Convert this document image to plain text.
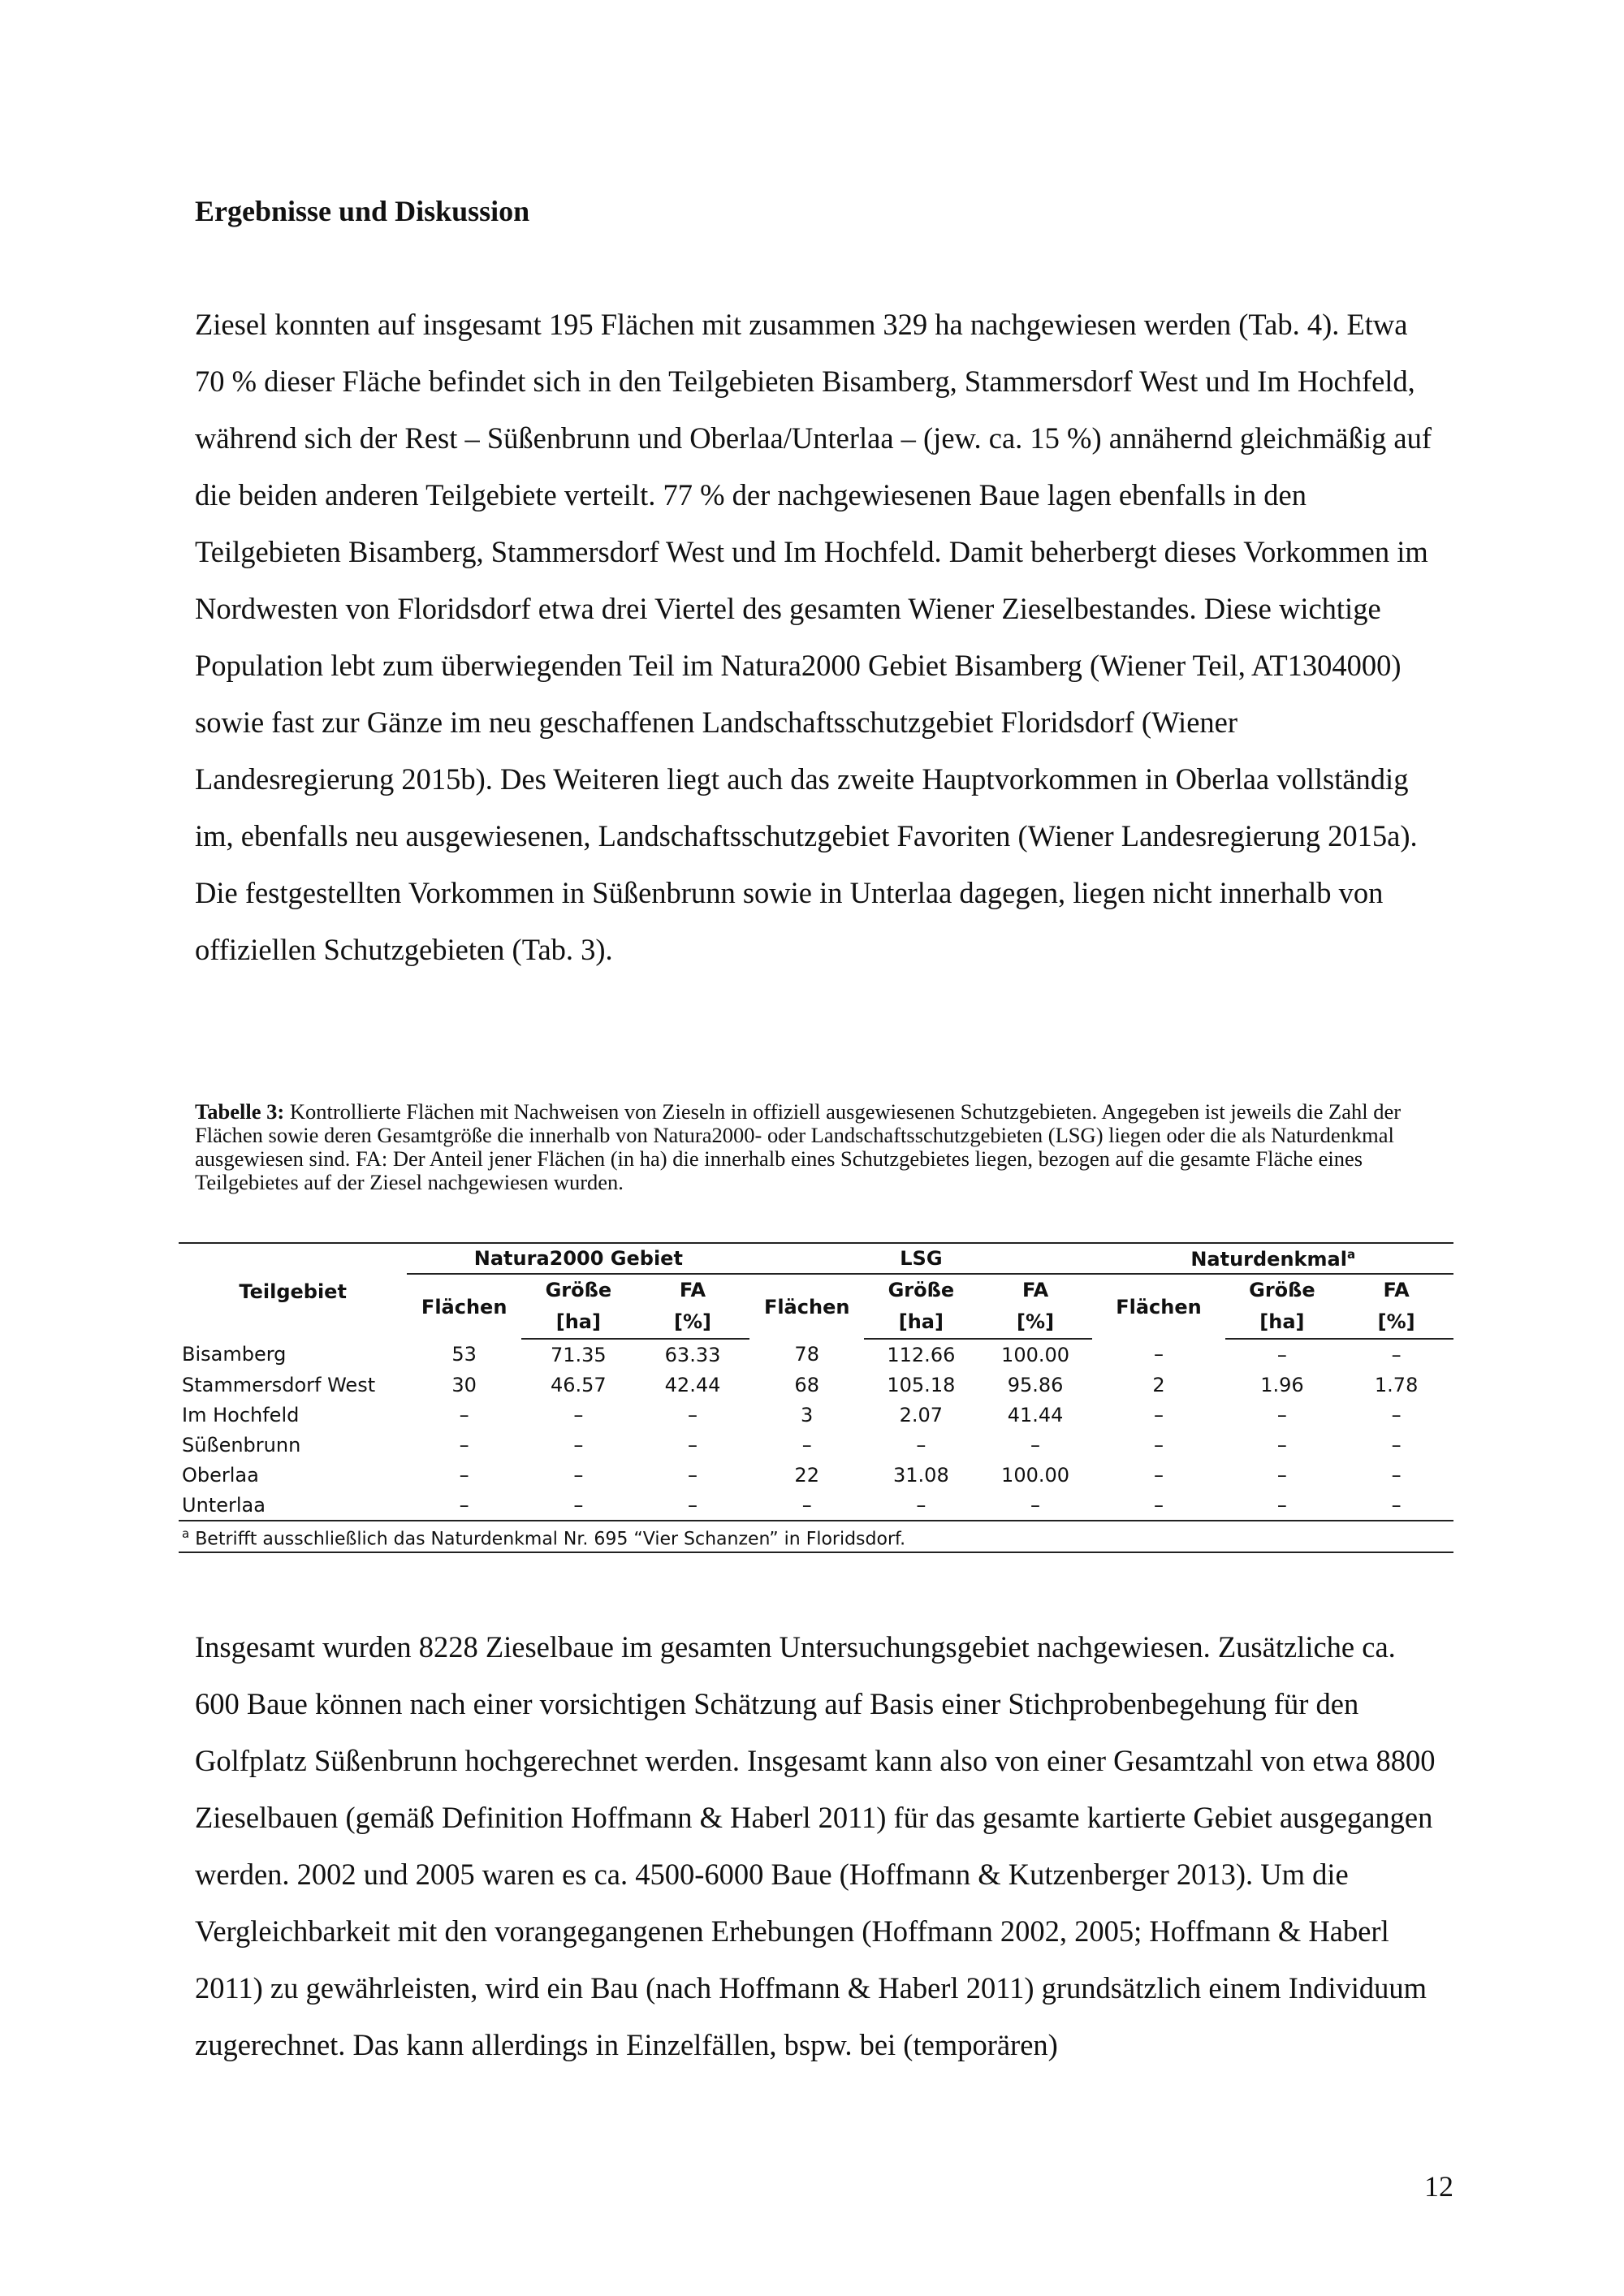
Ergebnisse und Diskussion

Ziesel konnten auf insgesamt 195 Flächen mit zusammen 329 ha nachgewiesen werden (Tab. 4). Etwa 70 % dieser Fläche befindet sich in den Teilgebieten Bisamberg, Stammersdorf West und Im Hochfeld, während sich der Rest – Süßenbrunn und Oberlaa/Unterlaa – (jew. ca. 15 %) annähernd gleichmäßig auf die beiden anderen Teilgebiete verteilt. 77 % der nachgewiesenen Baue lagen ebenfalls in den Teilgebieten Bisamberg, Stammersdorf West und Im Hochfeld. Damit beherbergt dieses Vorkommen im Nordwesten von Floridsdorf etwa drei Viertel des gesamten Wiener Zieselbestandes. Diese wichtige Population lebt zum überwiegenden Teil im Natura2000 Gebiet Bisamberg (Wiener Teil, AT1304000) sowie fast zur Gänze im neu geschaffenen Landschaftsschutzgebiet Floridsdorf (Wiener Landesregierung 2015b). Des Weiteren liegt auch das zweite Hauptvorkommen in Oberlaa vollständig im, ebenfalls neu ausgewiesenen, Landschaftsschutzgebiet Favoriten (Wiener Landesregierung 2015a). Die festgestellten Vorkommen in Süßenbrunn sowie in Unterlaa dagegen, liegen nicht innerhalb von offiziellen Schutzgebieten (Tab. 3).

Tabelle 3: Kontrollierte Flächen mit Nachweisen von Zieseln in offiziell ausgewiesenen Schutzgebieten. Angegeben ist jeweils die Zahl der Flächen sowie deren Gesamtgröße die innerhalb von Natura2000- oder Landschaftsschutzgebieten (LSG) liegen oder die als Naturdenkmal ausgewiesen sind. FA: Der Anteil jener Flächen (in ha) die innerhalb eines Schutzgebietes liegen, bezogen auf die gesamte Fläche eines Teilgebietes auf der Ziesel nachgewiesen wurden.

Teilgebiet	Natura2000 Gebiet			LSG			Naturdenkmal$^a$
	Flächen	Größe	FA	Flächen	Größe	FA	Flächen	Größe	FA
		[ha]	[%]		[ha]	[%]		[ha]	[%]
Bisamberg	53	71.35	63.33	78	112.66	100.00	–	–	–
Stammersdorf West	30	46.57	42.44	68	105.18	95.86	2	1.96	1.78
Im Hochfeld	–	–	–	3	2.07	41.44	–	–	–
Süßenbrunn	–	–	–	–	–	–	–	–	–
Oberlaa	–	–	–	22	31.08	100.00	–	–	–
Unterlaa	–	–	–	–	–	–	–	–	–
$^a$ Betrifft ausschließlich das Naturdenkmal Nr. 695 “Vier Schanzen” in Floridsdorf.									

Insgesamt wurden 8228 Zieselbaue im gesamten Untersuchungsgebiet nachgewiesen. Zusätzliche ca. 600 Baue können nach einer vorsichtigen Schätzung auf Basis einer Stichprobenbegehung für den Golfplatz Süßenbrunn hochgerechnet werden. Insgesamt kann also von einer Gesamtzahl von etwa 8800 Zieselbauen (gemäß Definition Hoffmann & Haberl 2011) für das gesamte kartierte Gebiet ausgegangen werden. 2002 und 2005 waren es ca. 4500-6000 Baue (Hoffmann & Kutzenberger 2013). Um die Vergleichbarkeit mit den vorangegangenen Erhebungen (Hoffmann 2002, 2005; Hoffmann & Haberl 2011) zu gewährleisten, wird ein Bau (nach Hoffmann & Haberl 2011) grundsätzlich einem Individuum zugerechnet. Das kann allerdings in Einzelfällen, bspw. bei (temporären)

12
